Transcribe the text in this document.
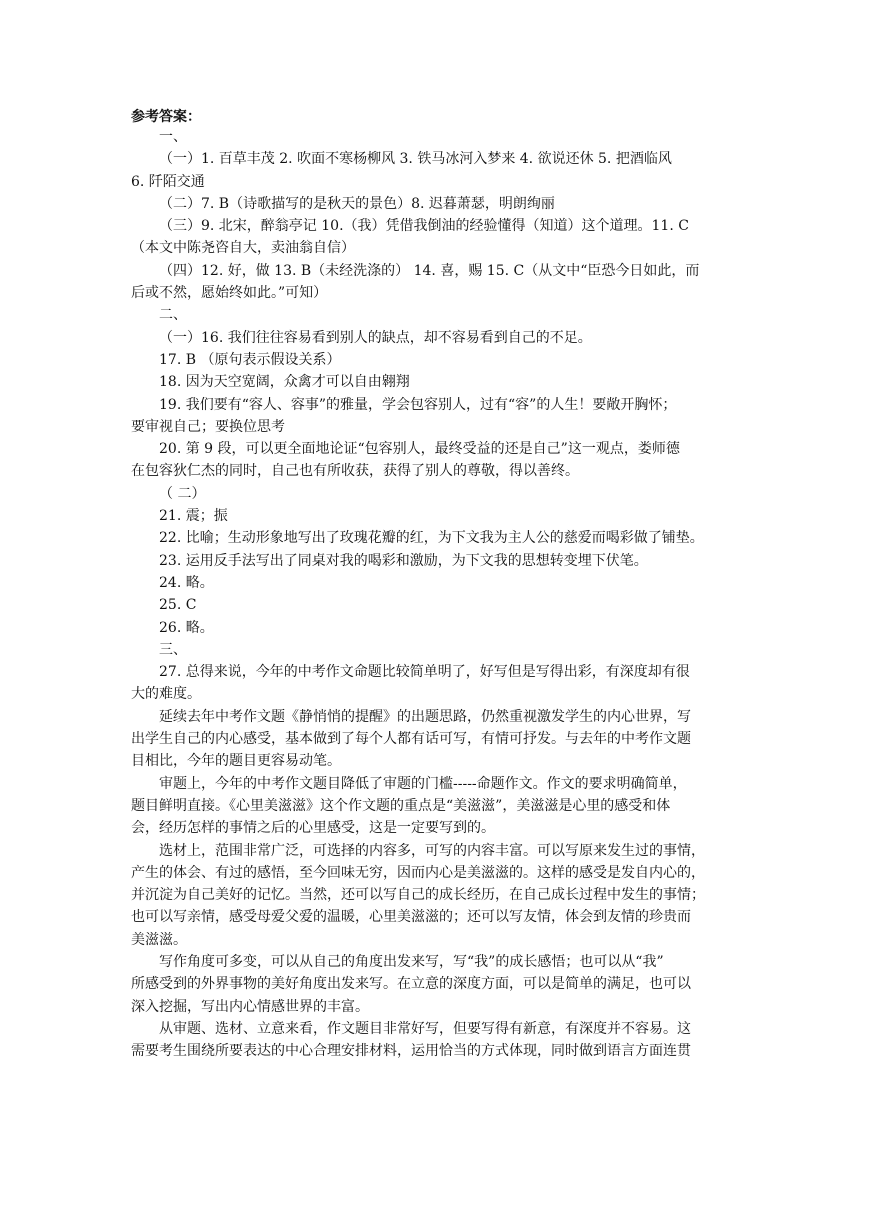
参考答案：
一、
（一）1. 百草丰茂 2. 吹面不寒杨柳风 3. 铁马冰河入梦来 4. 欲说还休 5. 把酒临风
6. 阡陌交通
（二）7. B（诗歌描写的是秋天的景色）8. 迟暮萧瑟，明朗绚丽
（三）9. 北宋，醉翁亭记 10.（我）凭借我倒油的经验懂得（知道）这个道理。11. C
（本文中陈尧咨自大，卖油翁自信）
（四）12. 好，做 13. B（未经洗涤的） 14. 喜，赐 15. C（从文中“臣恐今日如此，而
后或不然，愿始终如此。”可知）
二、
（一）16. 我们往往容易看到别人的缺点，却不容易看到自己的不足。
17. B （原句表示假设关系）
18. 因为天空宽阔，众禽才可以自由翱翔
19. 我们要有“容人、容事”的雅量，学会包容别人，过有“容”的人生！要敞开胸怀；
要审视自己；要换位思考
20. 第 9 段，可以更全面地论证“包容别人，最终受益的还是自己”这一观点，娄师德
在包容狄仁杰的同时，自己也有所收获，获得了别人的尊敬，得以善终。
（ 二）
21. 震；振
22. 比喻；生动形象地写出了玫瑰花瓣的红，为下文我为主人公的慈爱而喝彩做了铺垫。
23. 运用反手法写出了同桌对我的喝彩和激励，为下文我的思想转变埋下伏笔。
24. 略。
25. C
26. 略。
三、
27. 总得来说，今年的中考作文命题比较简单明了，好写但是写得出彩，有深度却有很
大的难度。
延续去年中考作文题《静悄悄的提醒》的出题思路，仍然重视激发学生的内心世界，写
出学生自己的内心感受，基本做到了每个人都有话可写，有情可抒发。与去年的中考作文题
目相比，今年的题目更容易动笔。
审题上，今年的中考作文题目降低了审题的门槛-----命题作文。作文的要求明确简单，
题目鲜明直接。《心里美滋滋》这个作文题的重点是“美滋滋”，美滋滋是心里的感受和体
会，经历怎样的事情之后的心里感受，这是一定要写到的。
选材上，范围非常广泛，可选择的内容多，可写的内容丰富。可以写原来发生过的事情，
产生的体会、有过的感悟，至今回味无穷，因而内心是美滋滋的。这样的感受是发自内心的，
并沉淀为自己美好的记忆。当然，还可以写自己的成长经历，在自己成长过程中发生的事情；
也可以写亲情，感受母爱父爱的温暖，心里美滋滋的；还可以写友情，体会到友情的珍贵而
美滋滋。
写作角度可多变，可以从自己的角度出发来写，写“我”的成长感悟；也可以从“我”
所感受到的外界事物的美好角度出发来写。在立意的深度方面，可以是简单的满足，也可以
深入挖掘，写出内心情感世界的丰富。
从审题、选材、立意来看，作文题目非常好写，但要写得有新意，有深度并不容易。这
需要考生围绕所要表达的中心合理安排材料，运用恰当的方式体现，同时做到语言方面连贯
